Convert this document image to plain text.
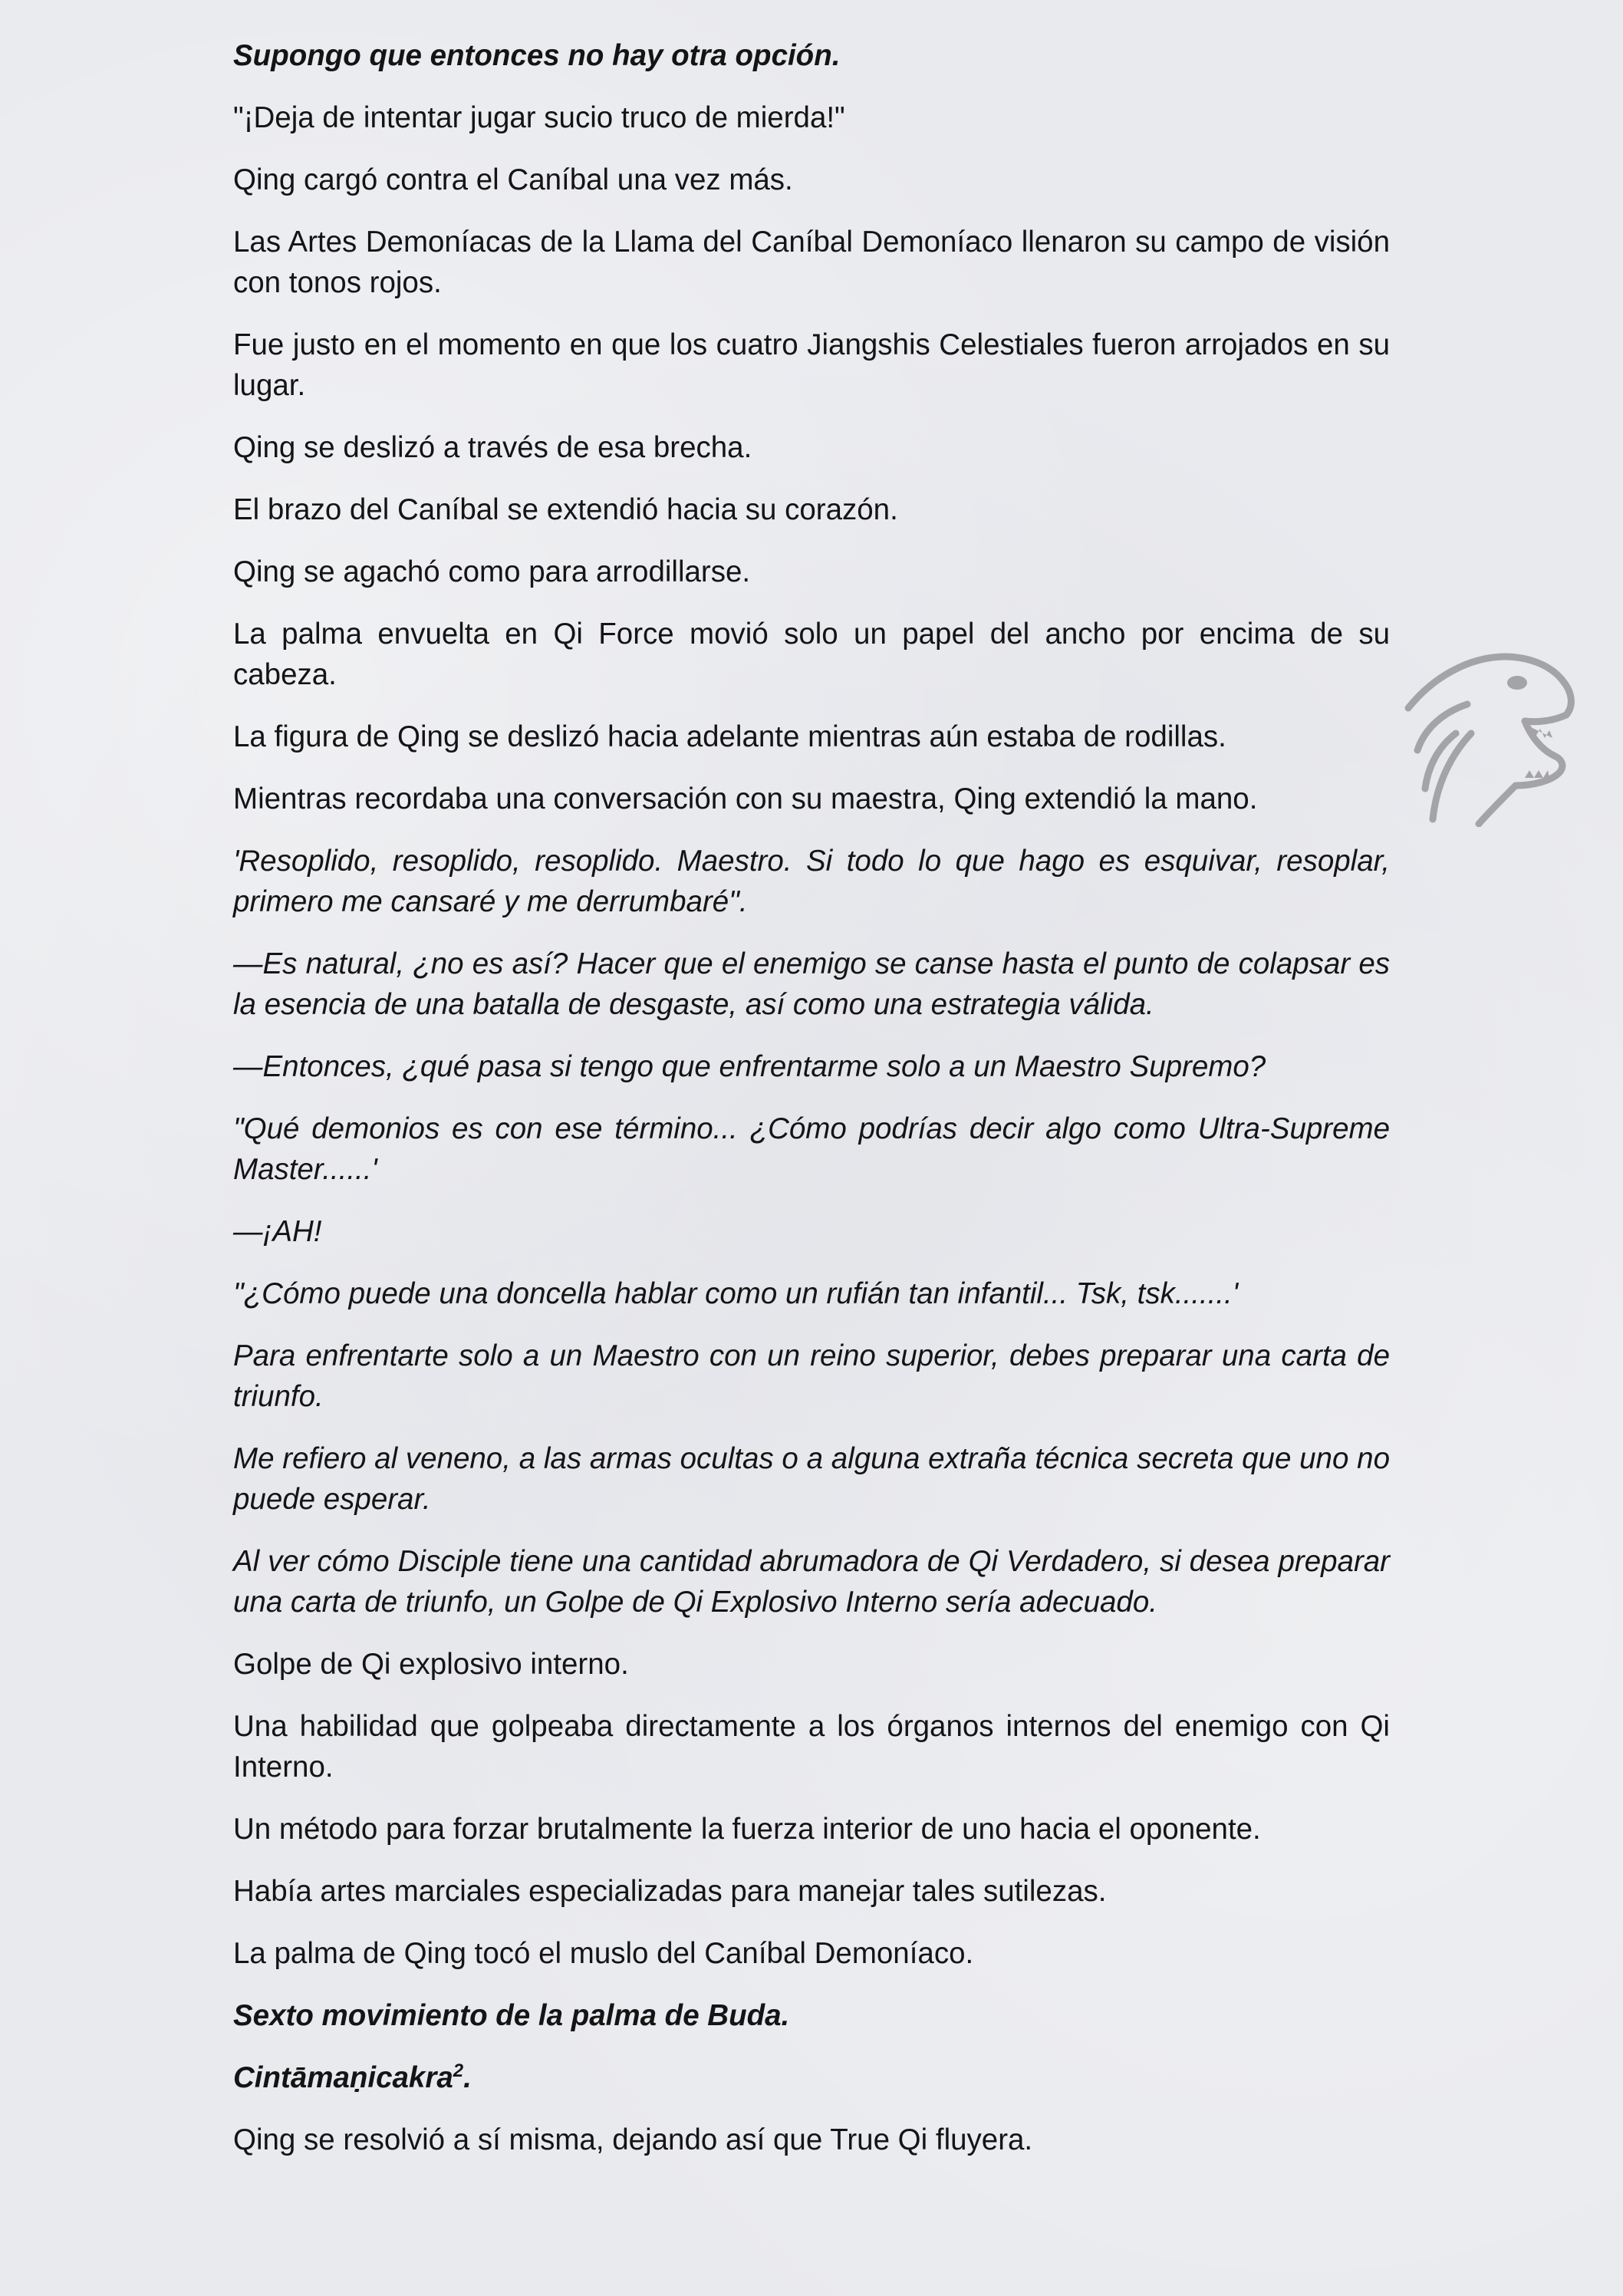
Supongo que entonces no hay otra opción.

"¡Deja de intentar jugar sucio truco de mierda!"

Qing cargó contra el Caníbal una vez más.

Las Artes Demoníacas de la Llama del Caníbal Demoníaco llenaron su campo de visión con tonos rojos.

Fue justo en el momento en que los cuatro Jiangshis Celestiales fueron arrojados en su lugar.

Qing se deslizó a través de esa brecha.

El brazo del Caníbal se extendió hacia su corazón.

Qing se agachó como para arrodillarse.

La palma envuelta en Qi Force movió solo un papel del ancho por encima de su cabeza.

La figura de Qing se deslizó hacia adelante mientras aún estaba de rodillas.

Mientras recordaba una conversación con su maestra, Qing extendió la mano.

'Resoplido, resoplido, resoplido. Maestro. Si todo lo que hago es esquivar, resoplar, primero me cansaré y me derrumbaré".

—Es natural, ¿no es así? Hacer que el enemigo se canse hasta el punto de colapsar es la esencia de una batalla de desgaste, así como una estrategia válida.

—Entonces, ¿qué pasa si tengo que enfrentarme solo a un Maestro Supremo?

"Qué demonios es con ese término... ¿Cómo podrías decir algo como Ultra-Supreme Master......'

—¡AH!

"¿Cómo puede una doncella hablar como un rufián tan infantil... Tsk, tsk.......'

Para enfrentarte solo a un Maestro con un reino superior, debes preparar una carta de triunfo.

Me refiero al veneno, a las armas ocultas o a alguna extraña técnica secreta que uno no puede esperar.

Al ver cómo Disciple tiene una cantidad abrumadora de Qi Verdadero, si desea preparar una carta de triunfo, un Golpe de Qi Explosivo Interno sería adecuado.

Golpe de Qi explosivo interno.

Una habilidad que golpeaba directamente a los órganos internos del enemigo con Qi Interno.

Un método para forzar brutalmente la fuerza interior de uno hacia el oponente.

Había artes marciales especializadas para manejar tales sutilezas.

La palma de Qing tocó el muslo del Caníbal Demoníaco.

Sexto movimiento de la palma de Buda.

Cintāmaṇicakra$^2$.

Qing se resolvió a sí misma, dejando así que True Qi fluyera.
